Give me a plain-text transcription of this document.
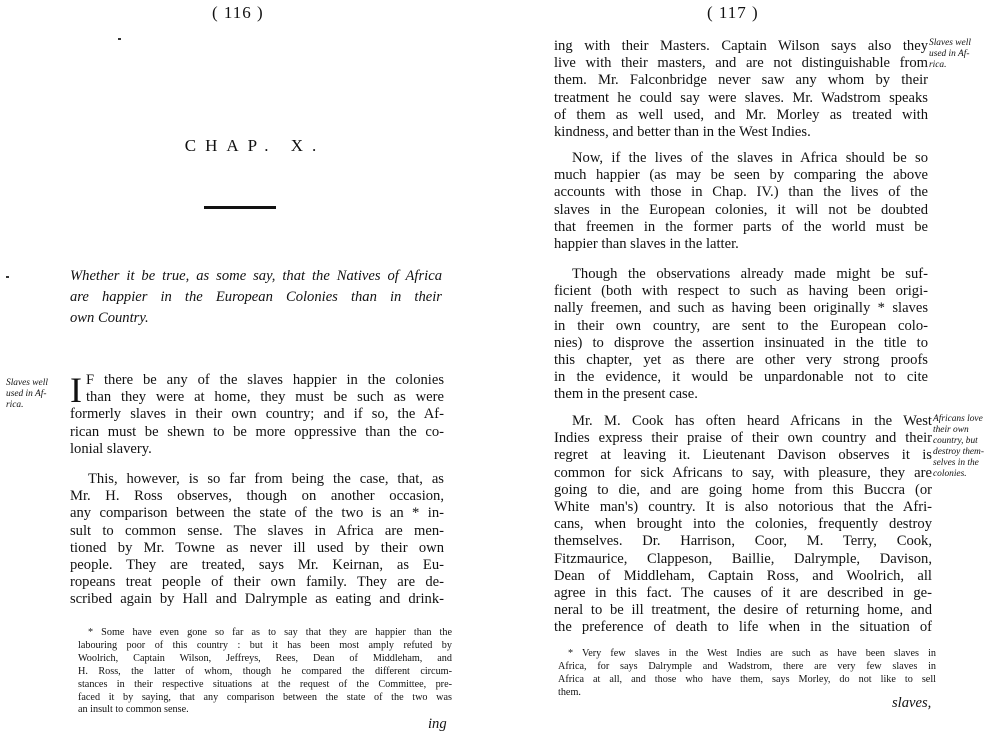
( 116 )
CHAP. X.
Whether it be true, as some say, that the Natives of Africa
are happier in the European Colonies than in their
own Country.
Slaves well
used in Af-
rica.	I F there be any of the slaves happier in the colonies
than they were at home, they must be such as were
formerly slaves in their own country; and if so, the Af-
rican must be shewn to be more oppressive than the co-
lonial slavery.
This, however, is so far from being the case, that, as
Mr. H. Ross observes, though on another occasion,
any comparison between the state of the two is an * in-
sult to common sense. The slaves in Africa are men-
tioned by Mr. Towne as never ill used by their own
people. They are treated, says Mr. Keirnan, as Eu-
ropeans treat people of their own family. They are de-
scribed again by Hall and Dalrymple as eating and drink-
* Some have even gone so far as to say that they are happier than the
labouring poor of this country : but it has been most amply refuted by
Woolrich, Captain Wilson, Jeffreys, Rees, Dean of Middleham, and
H. Ross, the latter of whom, though he compared the different circum-
stances in their respective situations at the request of the Committee, pre-
faced it by saying, that any comparison between the state of the two was
an insult to common sense.
ing
( 117 )
Slaves well
used in Af-
rica.
ing with their Masters. Captain Wilson says also they
live with their masters, and are not distinguishable from
them. Mr. Falconbridge never saw any whom by their
treatment he could say were slaves. Mr. Wadstrom speaks
of them as well used, and Mr. Morley as treated with
kindness, and better than in the West Indies.
Now, if the lives of the slaves in Africa should be so
much happier (as may be seen by comparing the above
accounts with those in Chap. IV.) than the lives of the
slaves in the European colonies, it will not be doubted
that freemen in the former parts of the world must be
happier than slaves in the latter.
Though the observations already made might be suf-
ficient (both with respect to such as having been origi-
nally freemen, and such as having been originally * slaves
in their own country, are sent to the European colo-
nies) to disprove the assertion insinuated in the title to
this chapter, yet as there are other very strong proofs
in the evidence, it would be unpardonable not to cite
them in the present case.
Africans love
their own
country, but
destroy them-
selves in the
colonies.
Mr. M. Cook has often heard Africans in the West
Indies express their praise of their own country and their
regret at leaving it. Lieutenant Davison observes it is
common for sick Africans to say, with pleasure, they are
going to die, and are going home from this Buccra (or
White man's) country. It is also notorious that the Afri-
cans, when brought into the colonies, frequently destroy
themselves. Dr. Harrison, Coor, M. Terry, Cook,
Fitzmaurice, Clappeson, Baillie, Dalrymple, Davison,
Dean of Middleham, Captain Ross, and Woolrich, all
agree in this fact. The causes of it are described in ge-
neral to be ill treatment, the desire of returning home, and
the preference of death to life when in the situation of
* Very few slaves in the West Indies are such as have been slaves in
Africa, for says Dalrymple and Wadstrom, there are very few slaves in
Africa at all, and those who have them, says Morley, do not like to sell
them.
slaves,
